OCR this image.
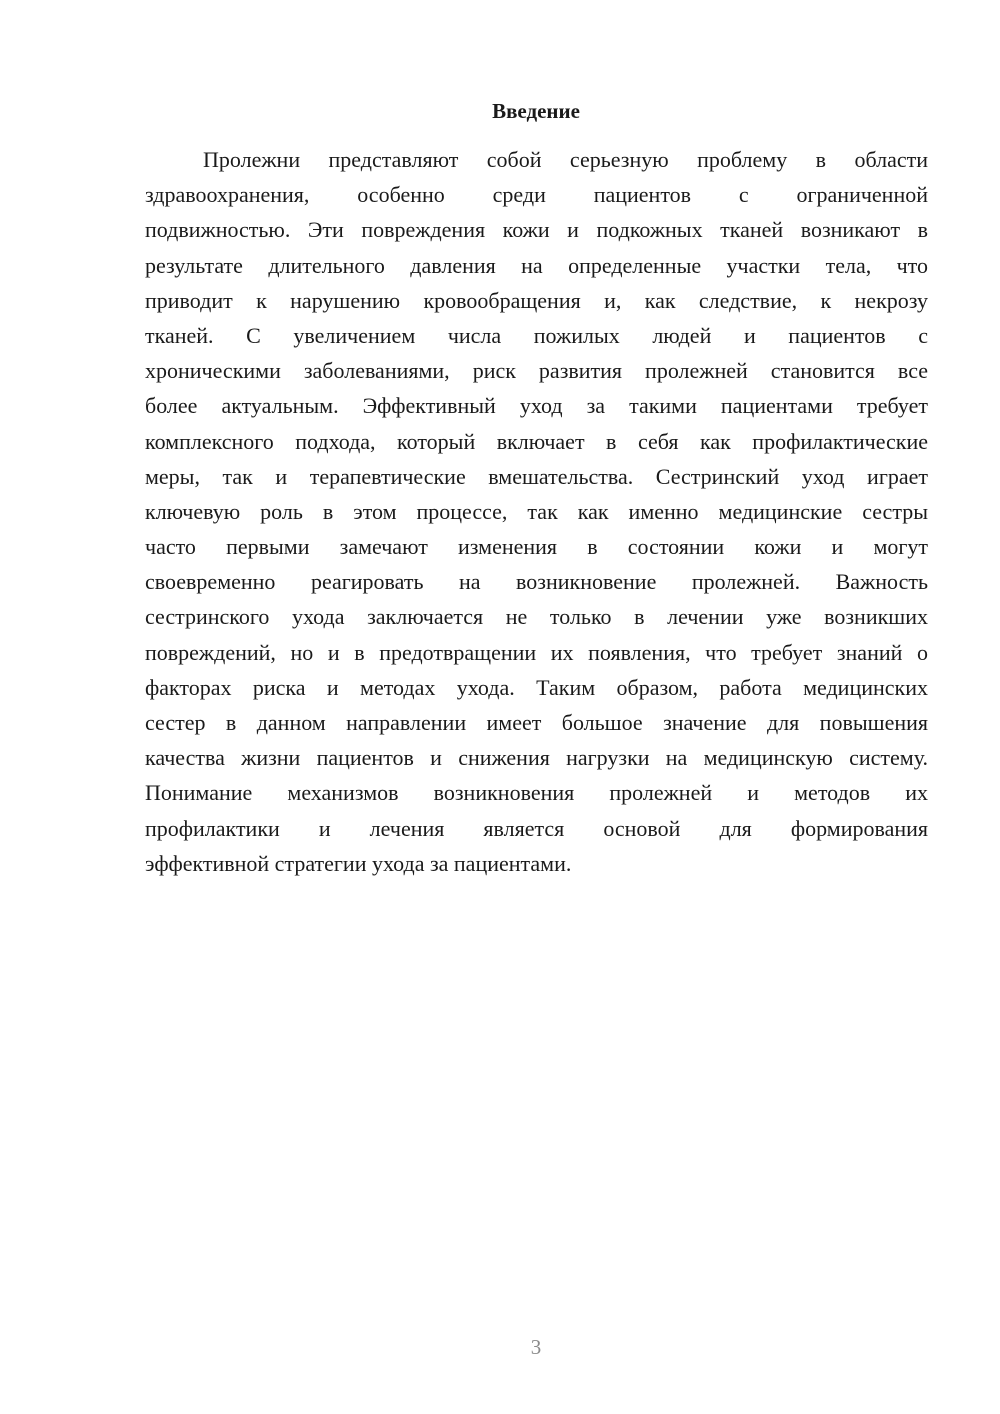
Введение
Пролежни представляют собой серьезную проблему в области
здравоохранения, особенно среди пациентов с ограниченной
подвижностью. Эти повреждения кожи и подкожных тканей возникают в
результате длительного давления на определенные участки тела, что
приводит к нарушению кровообращения и, как следствие, к некрозу
тканей. С увеличением числа пожилых людей и пациентов с
хроническими заболеваниями, риск развития пролежней становится все
более актуальным. Эффективный уход за такими пациентами требует
комплексного подхода, который включает в себя как профилактические
меры, так и терапевтические вмешательства. Сестринский уход играет
ключевую роль в этом процессе, так как именно медицинские сестры
часто первыми замечают изменения в состоянии кожи и могут
своевременно реагировать на возникновение пролежней. Важность
сестринского ухода заключается не только в лечении уже возникших
повреждений, но и в предотвращении их появления, что требует знаний о
факторах риска и методах ухода. Таким образом, работа медицинских
сестер в данном направлении имеет большое значение для повышения
качества жизни пациентов и снижения нагрузки на медицинскую систему.
Понимание механизмов возникновения пролежней и методов их
профилактики и лечения является основой для формирования
эффективной стратегии ухода за пациентами.
3
